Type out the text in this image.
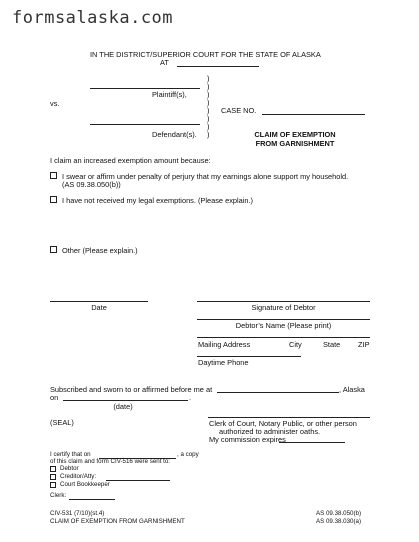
formsalaska.com
IN THE DISTRICT/SUPERIOR COURT FOR THE STATE OF ALASKA
AT
)
)
)
)
)
)
)
)
Plaintiff(s),
vs.
CASE NO.
Defendant(s).	CLAIM OF EXEMPTION
FROM GARNISHMENT
I claim an increased exemption amount because:
I swear or affirm under penalty of perjury that my earnings alone support my household.
(AS 09.38.050(b))
I have not received my legal exemptions. (Please explain.)
Other (Please explain.)
Date	Signature of Debtor
Debtor’s Name (Please print)
Mailing Address	City	State ZIP
Daytime Phone
Subscribed and sworn to or affirmed before me at	, Alaska
on	.
(date)
(SEAL)	Clerk of Court, Notary Public, or other person
authorized to administer oaths.
My commission expires
I certify that on	, a copy
of this claim and form CIV-516 were sent to:
Debtor
Creditor/Atty:
Court Bookkeeper
Clerk:
CIV-531 (7/10)(st.4)
CLAIM OF EXEMPTION FROM GARNISHMENT
AS 09.38.050(b)
AS 09.38.030(a)
